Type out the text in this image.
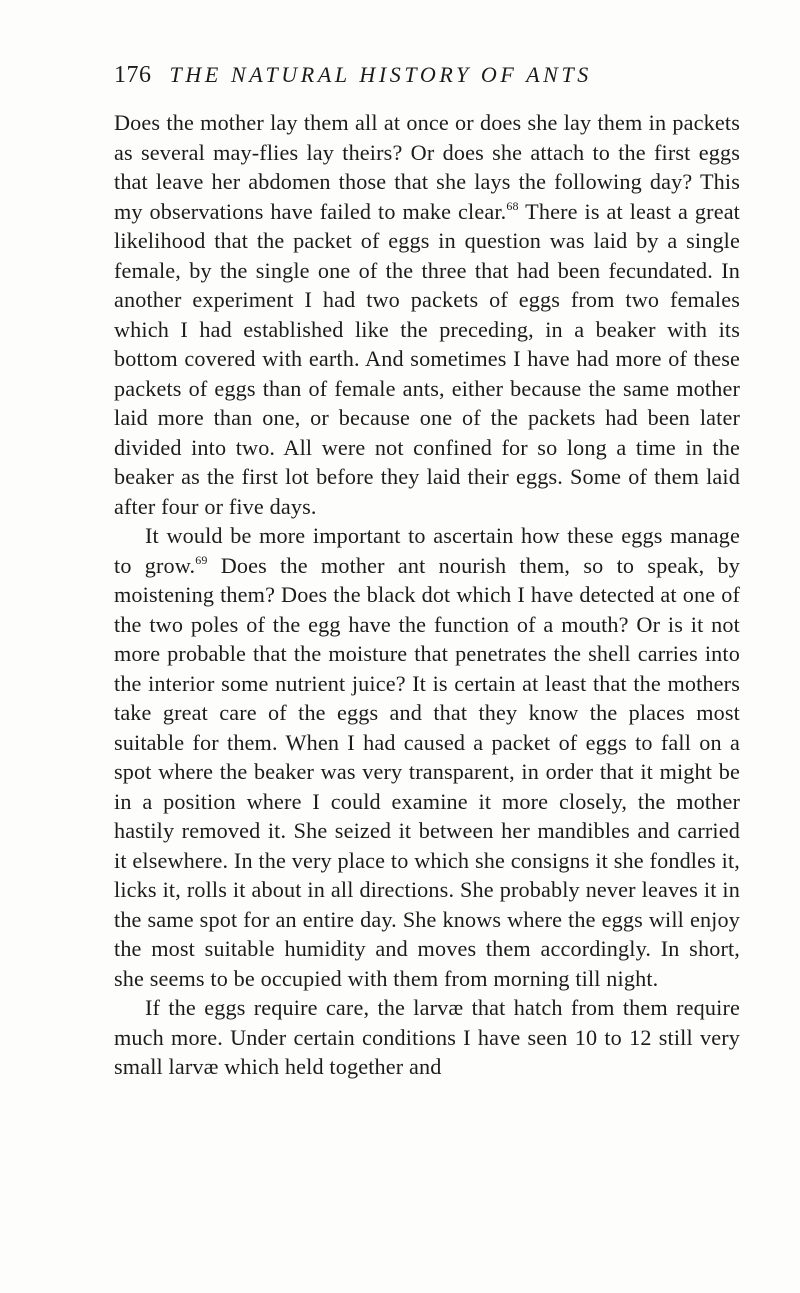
176 THE NATURAL HISTORY OF ANTS

Does the mother lay them all at once or does she lay them in packets as several may-flies lay theirs? Or does she attach to the first eggs that leave her abdomen those that she lays the following day? This my observations have failed to make clear.$^{68}$ There is at least a great likelihood that the packet of eggs in question was laid by a single female, by the single one of the three that had been fecundated. In another experiment I had two packets of eggs from two females which I had established like the preceding, in a beaker with its bottom covered with earth. And sometimes I have had more of these packets of eggs than of female ants, either because the same mother laid more than one, or because one of the packets had been later divided into two. All were not confined for so long a time in the beaker as the first lot before they laid their eggs. Some of them laid after four or five days.

It would be more important to ascertain how these eggs manage to grow.$^{69}$ Does the mother ant nourish them, so to speak, by moistening them? Does the black dot which I have detected at one of the two poles of the egg have the function of a mouth? Or is it not more probable that the moisture that penetrates the shell carries into the interior some nutrient juice? It is certain at least that the mothers take great care of the eggs and that they know the places most suitable for them. When I had caused a packet of eggs to fall on a spot where the beaker was very transparent, in order that it might be in a position where I could examine it more closely, the mother hastily removed it. She seized it between her mandibles and carried it elsewhere. In the very place to which she consigns it she fondles it, licks it, rolls it about in all directions. She probably never leaves it in the same spot for an entire day. She knows where the eggs will enjoy the most suitable humidity and moves them accordingly. In short, she seems to be occupied with them from morning till night.

If the eggs require care, the larvæ that hatch from them require much more. Under certain conditions I have seen 10 to 12 still very small larvæ which held together and
